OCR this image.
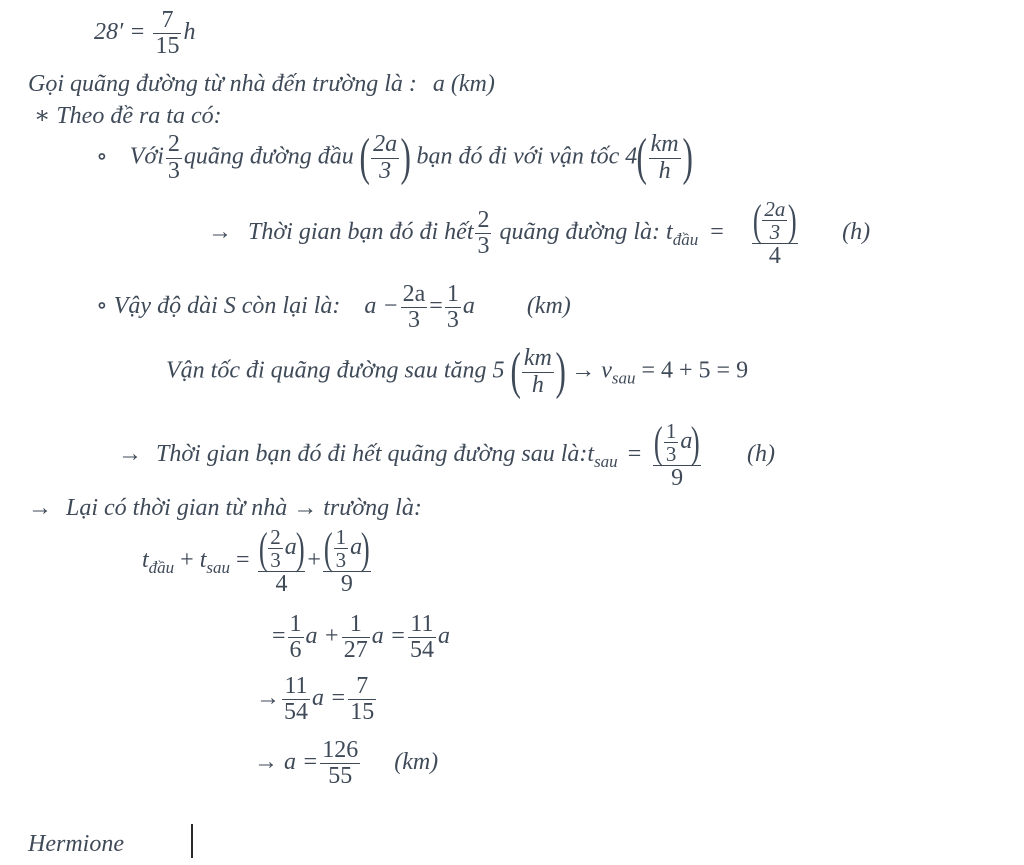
$28' = \frac{7}{15}$ h
Gọi quãng đường từ nhà đến trường là : a (km)
∗ Theo đề ra ta có:
∘ Với $\frac{2}{3}$ quãng đường đầu ( $\frac{2a}{3}$ ) bạn đó đi với vận tốc $4( \frac{km}{h}$ )
→ Thời gian bạn đó đi hết $\frac{2}{3}$ quãng đường là: $t_{đầu} = \frac{( \frac{2a}{3} )}{4} (h)$
∘ Vậy độ dài S còn lại là: $a - \frac{2a}{3} = \frac{1}{3}$ a (km)
Vận tốc đi quãng đường sau tăng 5 ( $\frac{km}{h}$ ) → $v_{sau} = 4 + 5 = 9$
→ Thời gian bạn đó đi hết quãng đường sau $là:t_{sau} = \frac{( \frac{1}{3} a)}{9} (h)$
→ Lại có thời gian từ nhà → trường là:
$t_{đầu} + t_{sau} = \frac{( \frac{2}{3} a)}{4} + \frac{( \frac{1}{3} a)}{9}$
= $\frac{1}{6}$ $a + \frac{1}{27}$ $a = \frac{11}{54}$ a
→ $\frac{11}{54}$ $a = \frac{7}{15}$
→ $a = \frac{126}{55} (km)$
Hermione
